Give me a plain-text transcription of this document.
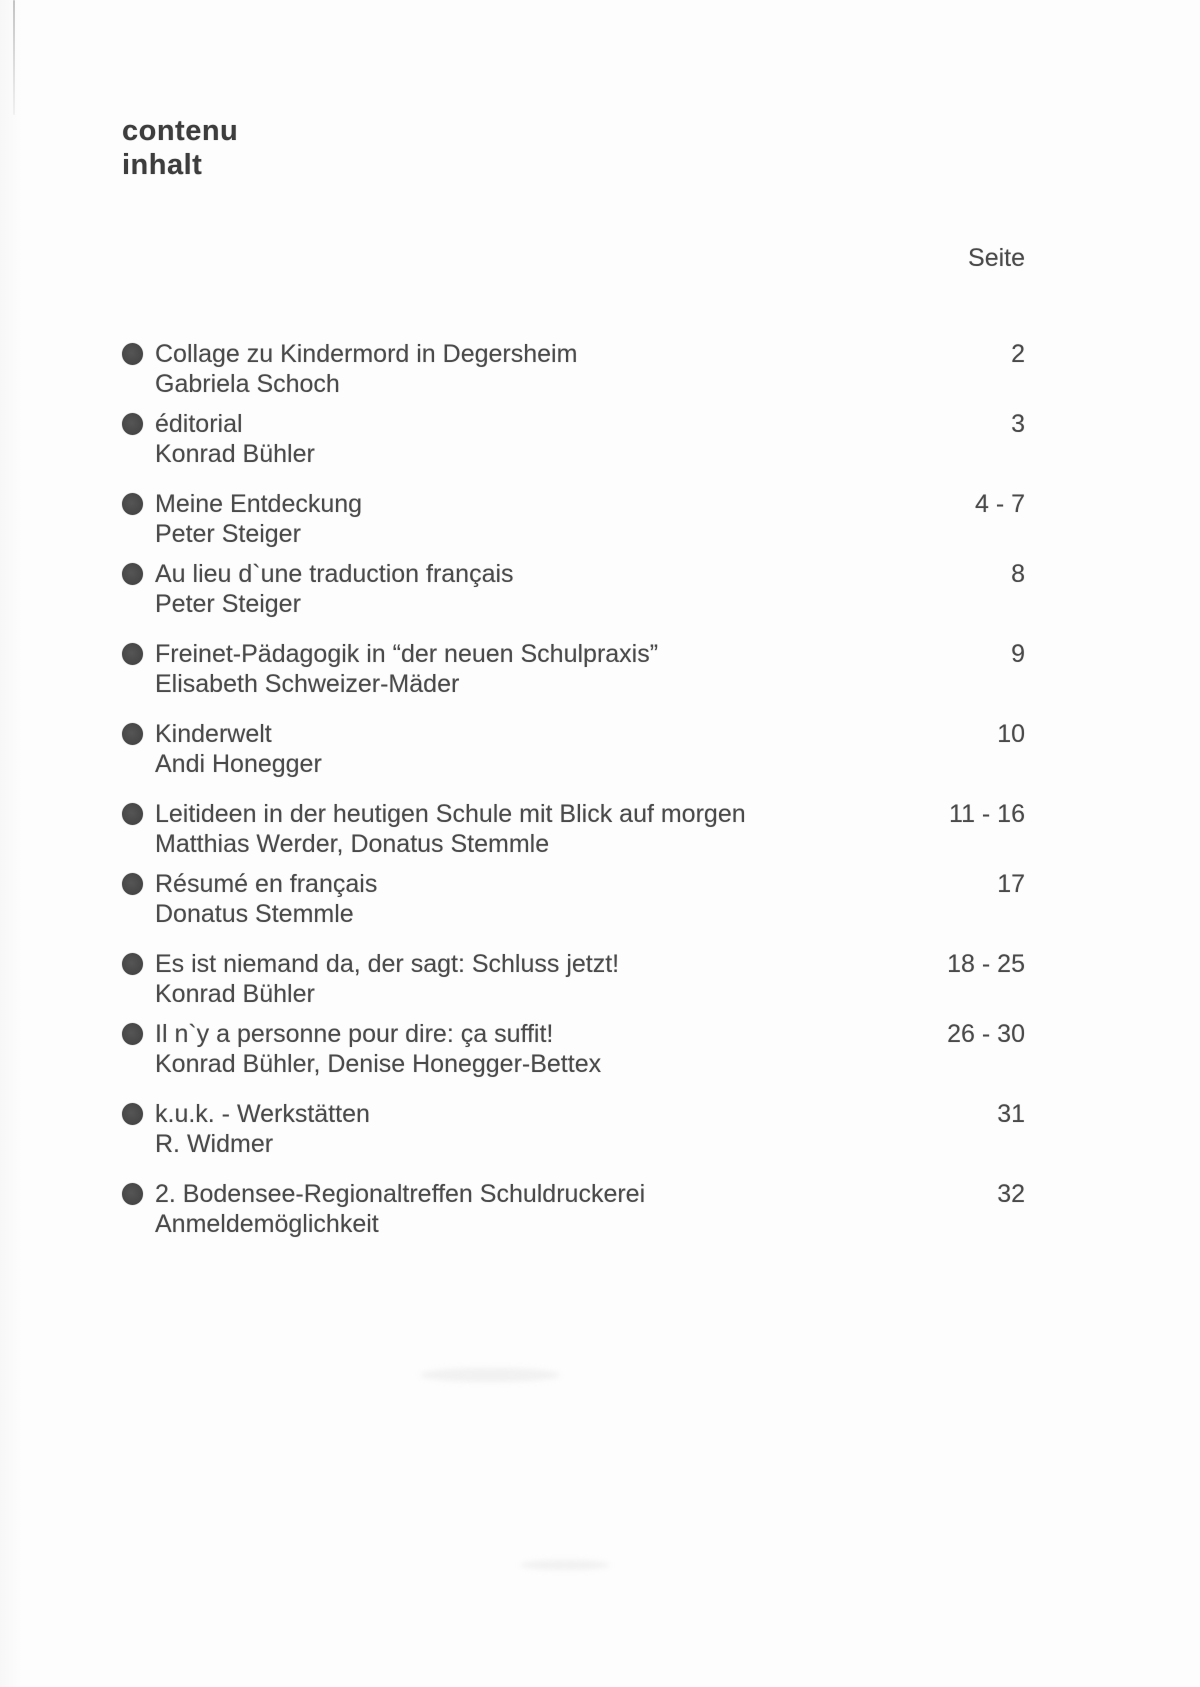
contenu
inhalt
Seite
Collage zu Kindermord in Degersheim
Gabriela Schoch
2
éditorial
Konrad Bühler
3
Meine Entdeckung
Peter Steiger
4 - 7
Au lieu d`une traduction français
Peter Steiger
8
Freinet-Pädagogik in “der neuen Schulpraxis”
Elisabeth Schweizer-Mäder
9
Kinderwelt
Andi Honegger
10
Leitideen in der heutigen Schule mit Blick auf morgen
Matthias Werder, Donatus Stemmle
11 - 16
Résumé en français
Donatus Stemmle
17
Es ist niemand da, der sagt: Schluss jetzt!
Konrad Bühler
18 - 25
Il n`y a personne pour dire: ça suffit!
Konrad Bühler, Denise Honegger-Bettex
26 - 30
k.u.k. - Werkstätten
R. Widmer
31
2. Bodensee-Regionaltreffen Schuldruckerei
Anmeldemöglichkeit
32
